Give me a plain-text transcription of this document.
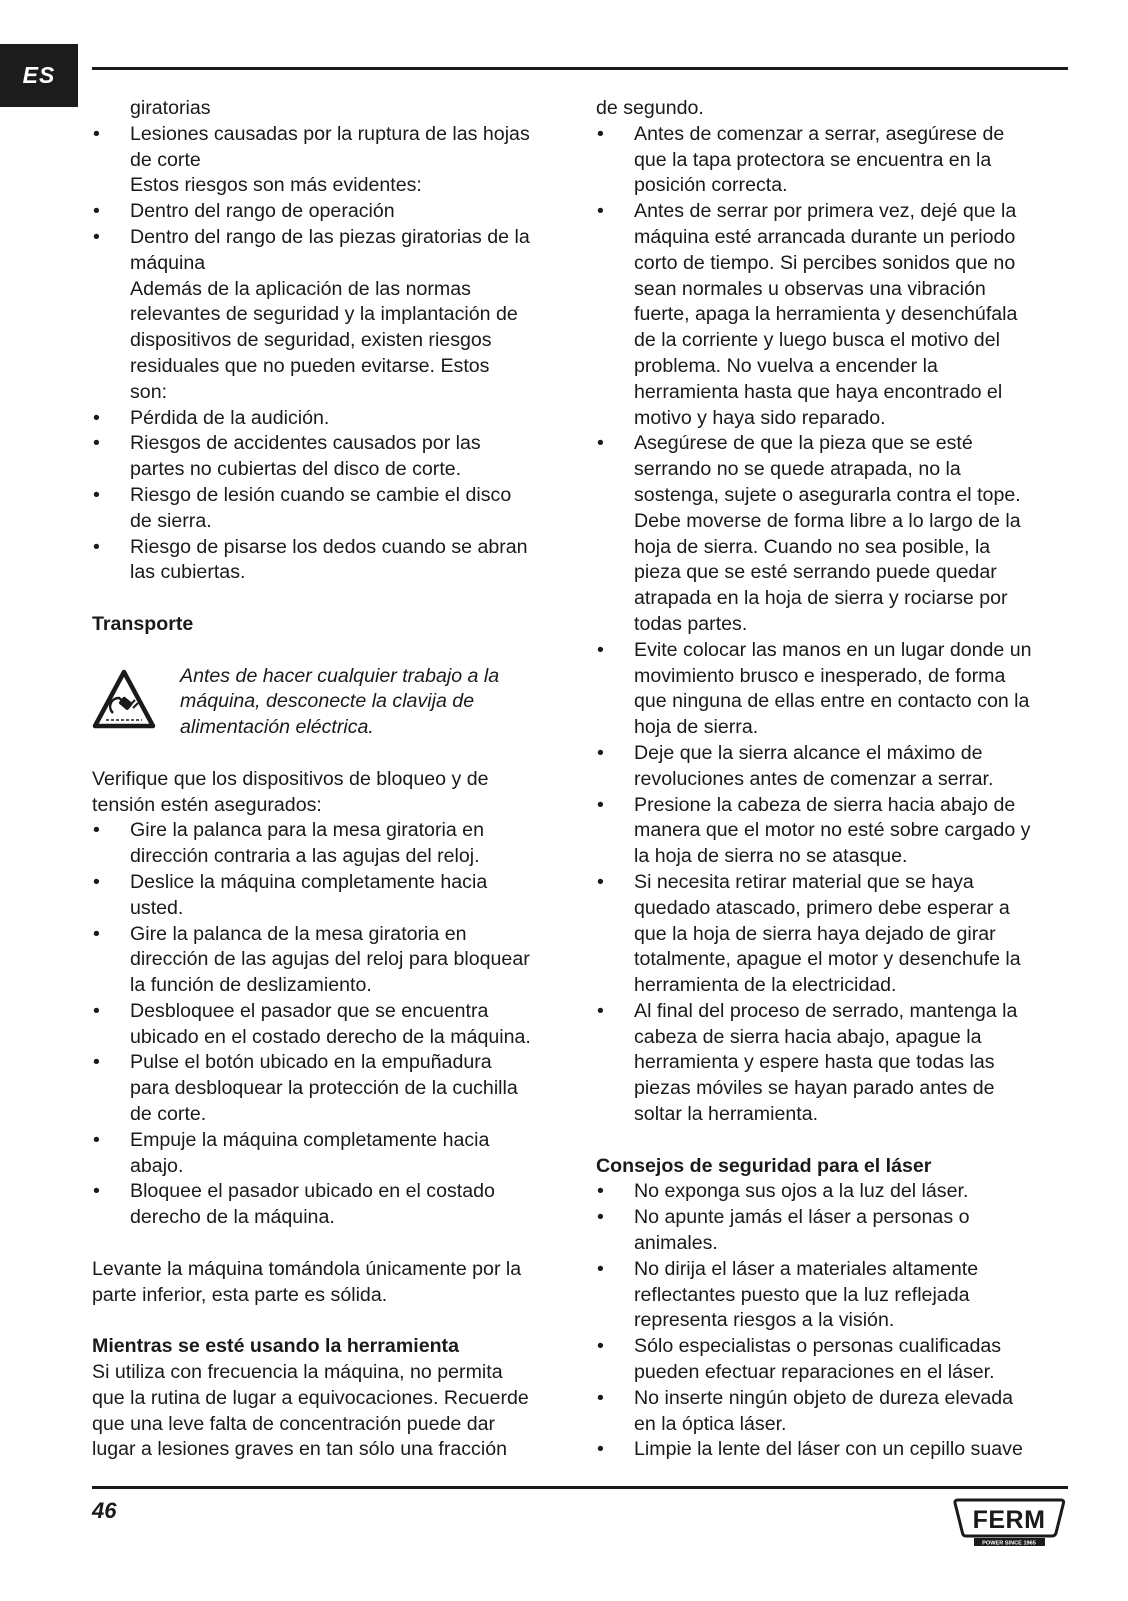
ES

giratorias

• Lesiones causadas por la ruptura de las hojas
de corte

Estos riesgos son más evidentes:

• Dentro del rango de operación

• Dentro del rango de las piezas giratorias de la
máquina

Además de la aplicación de las normas
relevantes de seguridad y la implantación de
dispositivos de seguridad, existen riesgos
residuales que no pueden evitarse. Estos
son:

• Pérdida de la audición.

• Riesgos de accidentes causados por las
partes no cubiertas del disco de corte.

• Riesgo de lesión cuando se cambie el disco
de sierra.

• Riesgo de pisarse los dedos cuando se abran
las cubiertas.

Transporte

Antes de hacer cualquier trabajo a la
máquina, desconecte la clavija de
alimentación eléctrica.

Verifique que los dispositivos de bloqueo y de
tensión estén asegurados:

• Gire la palanca para la mesa giratoria en
dirección contraria a las agujas del reloj.

• Deslice la máquina completamente hacia
usted.

• Gire la palanca de la mesa giratoria en
dirección de las agujas del reloj para bloquear
la función de deslizamiento.

• Desbloquee el pasador que se encuentra
ubicado en el costado derecho de la máquina.

• Pulse el botón ubicado en la empuñadura
para desbloquear la protección de la cuchilla
de corte.

• Empuje la máquina completamente hacia
abajo.

• Bloquee el pasador ubicado en el costado
derecho de la máquina.

Levante la máquina tomándola únicamente por la
parte inferior, esta parte es sólida.

Mientras se esté usando la herramienta

Si utiliza con frecuencia la máquina, no permita
que la rutina de lugar a equivocaciones. Recuerde
que una leve falta de concentración puede dar
lugar a lesiones graves en tan sólo una fracción

de segundo.

• Antes de comenzar a serrar, asegúrese de
que la tapa protectora se encuentra en la
posición correcta.

• Antes de serrar por primera vez, dejé que la
máquina esté arrancada durante un periodo
corto de tiempo. Si percibes sonidos que no
sean normales u observas una vibración
fuerte, apaga la herramienta y desenchúfala
de la corriente y luego busca el motivo del
problema. No vuelva a encender la
herramienta hasta que haya encontrado el
motivo y haya sido reparado.

• Asegúrese de que la pieza que se esté
serrando no se quede atrapada, no la
sostenga, sujete o asegurarla contra el tope.
Debe moverse de forma libre a lo largo de la
hoja de sierra. Cuando no sea posible, la
pieza que se esté serrando puede quedar
atrapada en la hoja de sierra y rociarse por
todas partes.

• Evite colocar las manos en un lugar donde un
movimiento brusco e inesperado, de forma
que ninguna de ellas entre en contacto con la
hoja de sierra.

• Deje que la sierra alcance el máximo de
revoluciones antes de comenzar a serrar.

• Presione la cabeza de sierra hacia abajo de
manera que el motor no esté sobre cargado y
la hoja de sierra no se atasque.

• Si necesita retirar material que se haya
quedado atascado, primero debe esperar a
que la hoja de sierra haya dejado de girar
totalmente, apague el motor y desenchufe la
herramienta de la electricidad.

• Al final del proceso de serrado, mantenga la
cabeza de sierra hacia abajo, apague la
herramienta y espere hasta que todas las
piezas móviles se hayan parado antes de
soltar la herramienta.

Consejos de seguridad para el láser

• No exponga sus ojos a la luz del láser.

• No apunte jamás el láser a personas o
animales.

• No dirija el láser a materiales altamente
reflectantes puesto que la luz reflejada
representa riesgos a la visión.

• Sólo especialistas o personas cualificadas
pueden efectuar reparaciones en el láser.

• No inserte ningún objeto de dureza elevada
en la óptica láser.

• Limpie la lente del láser con un cepillo suave

46	FERM
POWER SINCE 1965
